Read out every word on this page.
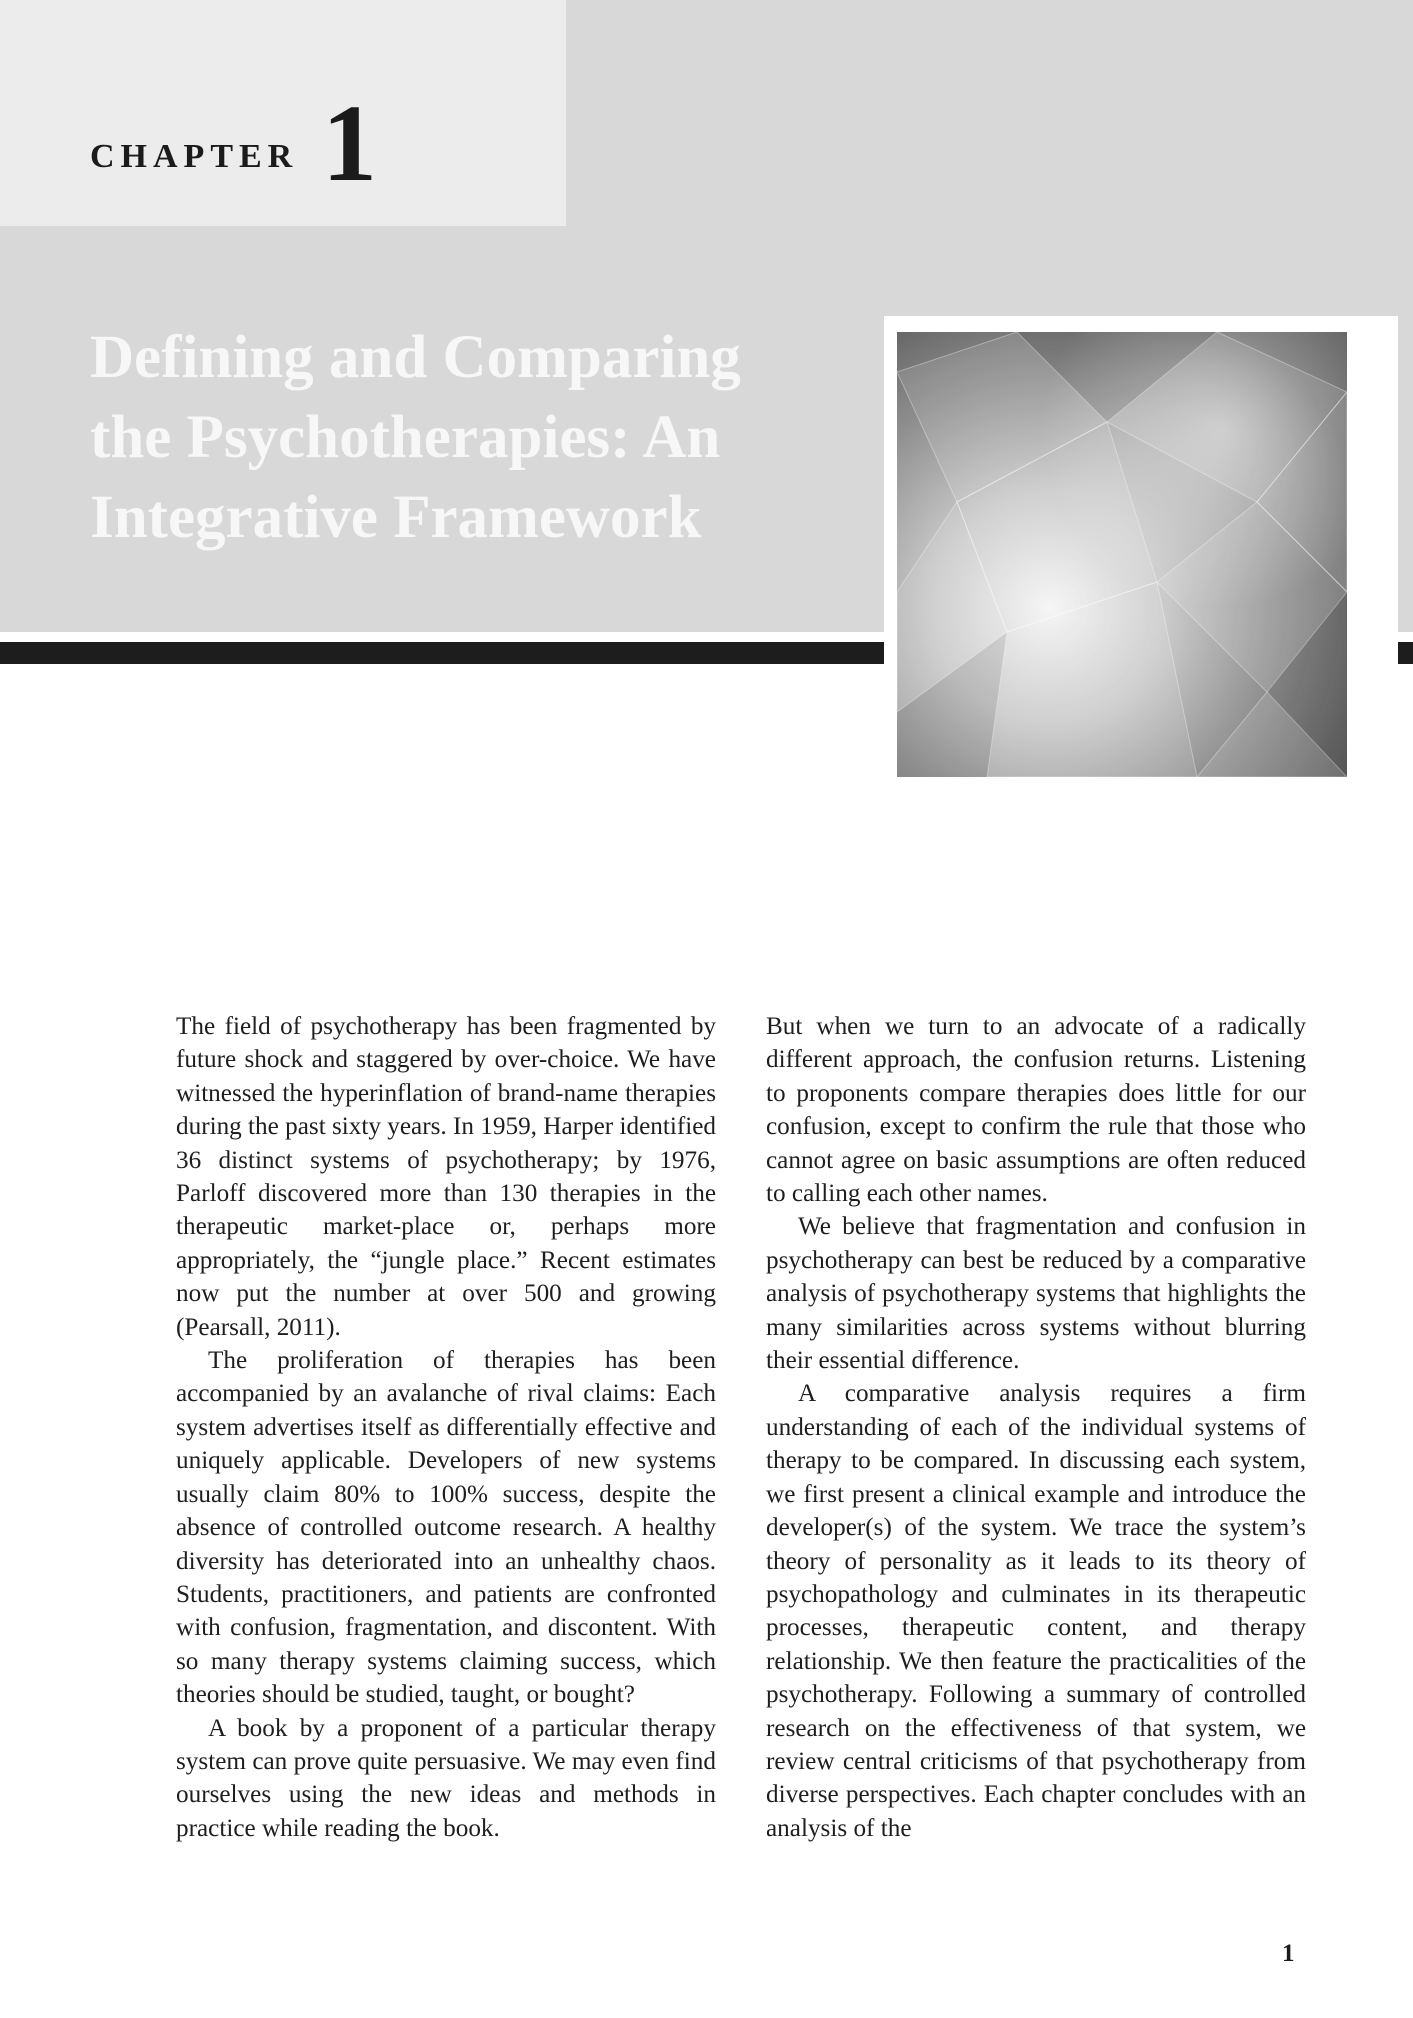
CHAPTER 1
Defining and Comparing
the Psychotherapies: An
Integrative Framework

The field of psychotherapy has been fragmented by future shock and staggered by over-choice. We have witnessed the hyperinflation of brand-name therapies during the past sixty years. In 1959, Harper identified 36 distinct systems of psychotherapy; by 1976, Parloff discovered more than 130 therapies in the therapeutic market-place or, perhaps more appropriately, the “jungle place.” Recent estimates now put the number at over 500 and growing (Pearsall, 2011).

The proliferation of therapies has been accompanied by an avalanche of rival claims: Each system advertises itself as differentially effective and uniquely applicable. Developers of new systems usually claim 80% to 100% success, despite the absence of controlled outcome research. A healthy diversity has deteriorated into an unhealthy chaos. Students, practitioners, and patients are confronted with confusion, fragmentation, and discontent. With so many therapy systems claiming success, which theories should be studied, taught, or bought?

A book by a proponent of a particular therapy system can prove quite persuasive. We may even find ourselves using the new ideas and methods in practice while reading the book.

But when we turn to an advocate of a radically different approach, the confusion returns. Listening to proponents compare therapies does little for our confusion, except to confirm the rule that those who cannot agree on basic assumptions are often reduced to calling each other names.

We believe that fragmentation and confusion in psychotherapy can best be reduced by a comparative analysis of psychotherapy systems that highlights the many similarities across systems without blurring their essential difference.

A comparative analysis requires a firm understanding of each of the individual systems of therapy to be compared. In discussing each system, we first present a clinical example and introduce the developer(s) of the system. We trace the system’s theory of personality as it leads to its theory of psychopathology and culminates in its therapeutic processes, therapeutic content, and therapy relationship. We then feature the practicalities of the psychotherapy. Following a summary of controlled research on the effectiveness of that system, we review central criticisms of that psychotherapy from diverse perspectives. Each chapter concludes with an analysis of the

1
